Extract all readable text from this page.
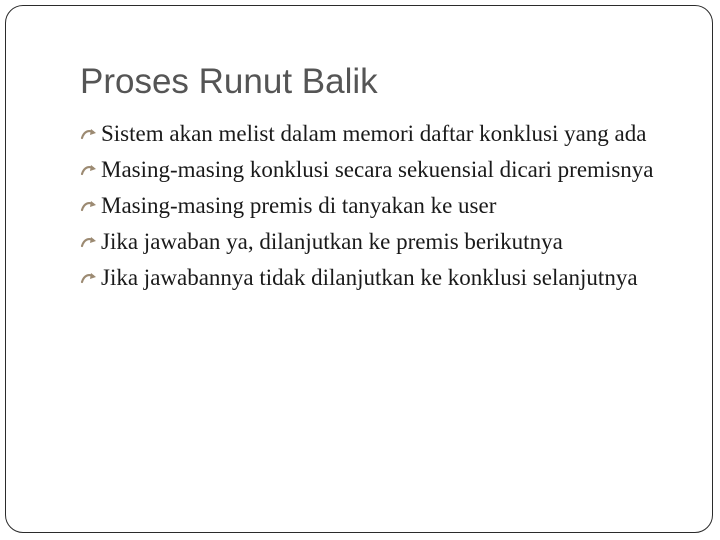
Proses Runut Balik
Sistem akan melist dalam memori daftar konklusi yang ada
Masing-masing konklusi secara sekuensial dicari premisnya
Masing-masing premis di tanyakan ke user
Jika jawaban ya, dilanjutkan ke premis berikutnya
Jika jawabannya tidak dilanjutkan ke konklusi selanjutnya
